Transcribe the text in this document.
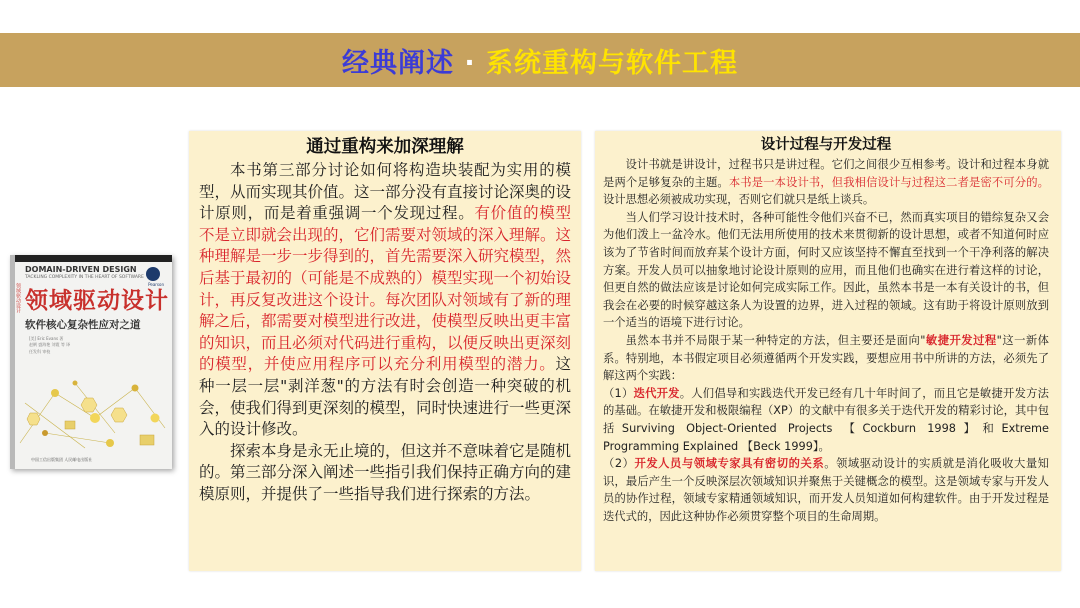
经典阐述 · 系统重构与软件工程
领域驱动设计
DOMAIN-DRIVEN DESIGN
TACKLING COMPLEXITY IN THE HEART OF SOFTWARE
Pearson
领域驱动设计
软件核心复杂性应对之道
[美] Eric Evans 著
赵俐 盛海艳 刘霞 等 译
任发科 审校
中国工信出版集团 人民邮电出版社
通过重构来加深理解

本书第三部分讨论如何将构造块装配为实用的模型，从而实现其价值。这一部分没有直接讨论深奥的设计原则，而是着重强调一个发现过程。有价值的模型不是立即就会出现的，它们需要对领域的深入理解。这种理解是一步一步得到的，首先需要深入研究模型，然后基于最初的（可能是不成熟的）模型实现一个初始设计，再反复改进这个设计。每次团队对领域有了新的理解之后，都需要对模型进行改进，使模型反映出更丰富的知识，而且必须对代码进行重构，以便反映出更深刻的模型，并使应用程序可以充分利用模型的潜力。这种一层一层"剥洋葱"的方法有时会创造一种突破的机会，使我们得到更深刻的模型，同时快速进行一些更深入的设计修改。

探索本身是永无止境的，但这并不意味着它是随机的。第三部分深入阐述一些指引我们保持正确方向的建模原则，并提供了一些指导我们进行探索的方法。

设计过程与开发过程

设计书就是讲设计，过程书只是讲过程。它们之间很少互相参考。设计和过程本身就是两个足够复杂的主题。本书是一本设计书，但我相信设计与过程这二者是密不可分的。设计思想必须被成功实现，否则它们就只是纸上谈兵。

当人们学习设计技术时，各种可能性令他们兴奋不已，然而真实项目的错综复杂又会为他们泼上一盆冷水。他们无法用所使用的技术来贯彻新的设计思想，或者不知道何时应该为了节省时间而放弃某个设计方面，何时又应该坚持不懈直至找到一个干净利落的解决方案。开发人员可以抽象地讨论设计原则的应用，而且他们也确实在进行着这样的讨论，但更自然的做法应该是讨论如何完成实际工作。因此，虽然本书是一本有关设计的书，但我会在必要的时候穿越这条人为设置的边界，进入过程的领域。这有助于将设计原则放到一个适当的语境下进行讨论。

虽然本书并不局限于某一种特定的方法，但主要还是面向"敏捷开发过程"这一新体系。特别地，本书假定项目必须遵循两个开发实践，要想应用书中所讲的方法，必须先了解这两个实践：

（1）迭代开发。人们倡导和实践迭代开发已经有几十年时间了，而且它是敏捷开发方法的基础。在敏捷开发和极限编程（XP）的文献中有很多关于迭代开发的精彩讨论，其中包括Surviving Object-Oriented Projects 【Cockburn 1998】和Extreme Programming Explained 【Beck 1999】。

（2）开发人员与领域专家具有密切的关系。领域驱动设计的实质就是消化吸收大量知识，最后产生一个反映深层次领域知识并聚焦于关键概念的模型。这是领域专家与开发人员的协作过程，领域专家精通领域知识，而开发人员知道如何构建软件。由于开发过程是迭代式的，因此这种协作必须贯穿整个项目的生命周期。
